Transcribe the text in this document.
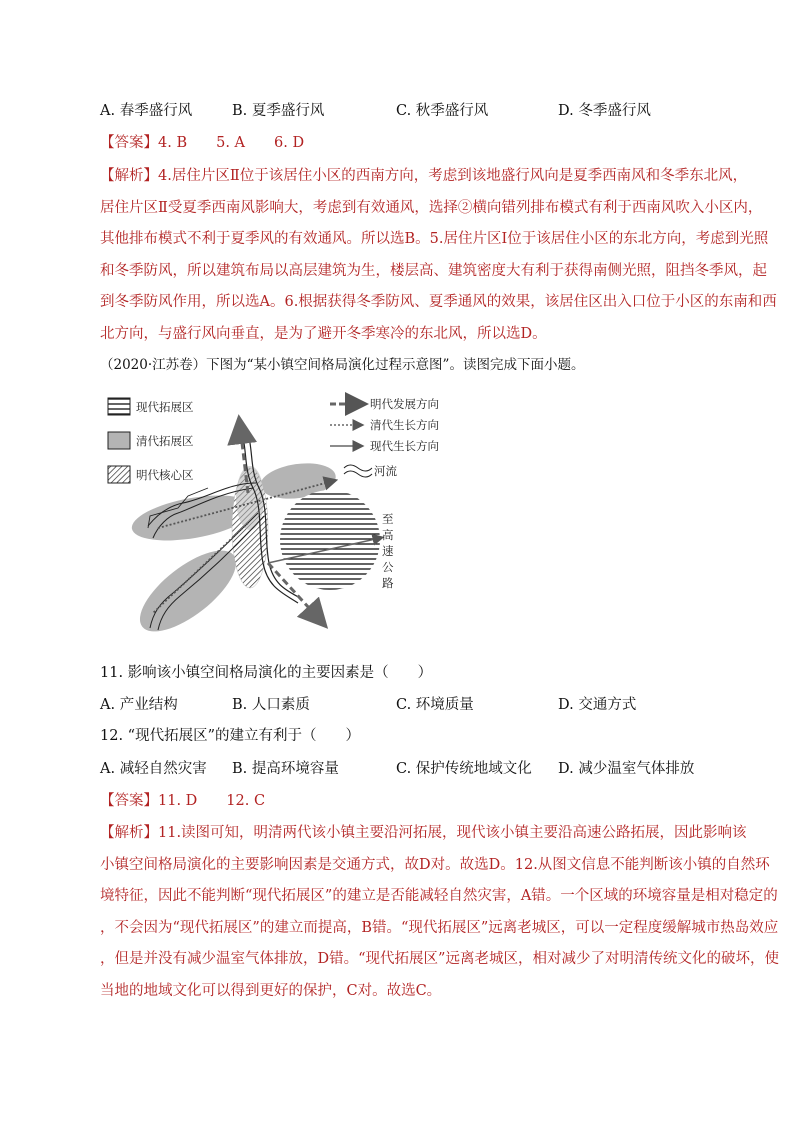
A. 春季盛行风	B. 夏季盛行风	C. 秋季盛行风	D. 冬季盛行风
【答案】4. B　　5. A　　6. D
【解析】4.居住片区Ⅱ位于该居住小区的西南方向，考虑到该地盛行风向是夏季西南风和冬季东北风，
居住片区Ⅱ受夏季西南风影响大，考虑到有效通风，选择②横向错列排布模式有利于西南风吹入小区内，
其他排布模式不利于夏季风的有效通风。所以选B。5.居住片区Ⅰ位于该居住小区的东北方向，考虑到光照
和冬季防风，所以建筑布局以高层建筑为生，楼层高、建筑密度大有利于获得南侧光照，阻挡冬季风，起
到冬季防风作用，所以选A。6.根据获得冬季防风、夏季通风的效果，该居住区出入口位于小区的东南和西
北方向，与盛行风向垂直，是为了避开冬季寒冷的东北风，所以选D。
（2020·江苏卷）下图为“某小镇空间格局演化过程示意图”。读图完成下面小题。
现代拓展区
清代拓展区
明代核心区
明代发展方向
清代生长方向
现代生长方向
河流
至
高
速
公
路
11. 影响该小镇空间格局演化的主要因素是（　　）
A. 产业结构	B. 人口素质	C. 环境质量	D. 交通方式
12. “现代拓展区”的建立有利于（　　）
A. 减轻自然灾害 B. 提高环境容量	C. 保护传统地域文化 D. 减少温室气体排放
【答案】11. D　　12. C
【解析】11.读图可知，明清两代该小镇主要沿河拓展，现代该小镇主要沿高速公路拓展，因此影响该
小镇空间格局演化的主要影响因素是交通方式，故D对。故选D。12.从图文信息不能判断该小镇的自然环
境特征，因此不能判断“现代拓展区”的建立是否能减轻自然灾害，A错。一个区域的环境容量是相对稳定的
，不会因为“现代拓展区”的建立而提高，B错。“现代拓展区”远离老城区，可以一定程度缓解城市热岛效应
，但是并没有减少温室气体排放，D错。“现代拓展区”远离老城区，相对减少了对明清传统文化的破坏，使
当地的地域文化可以得到更好的保护，C对。故选C。
